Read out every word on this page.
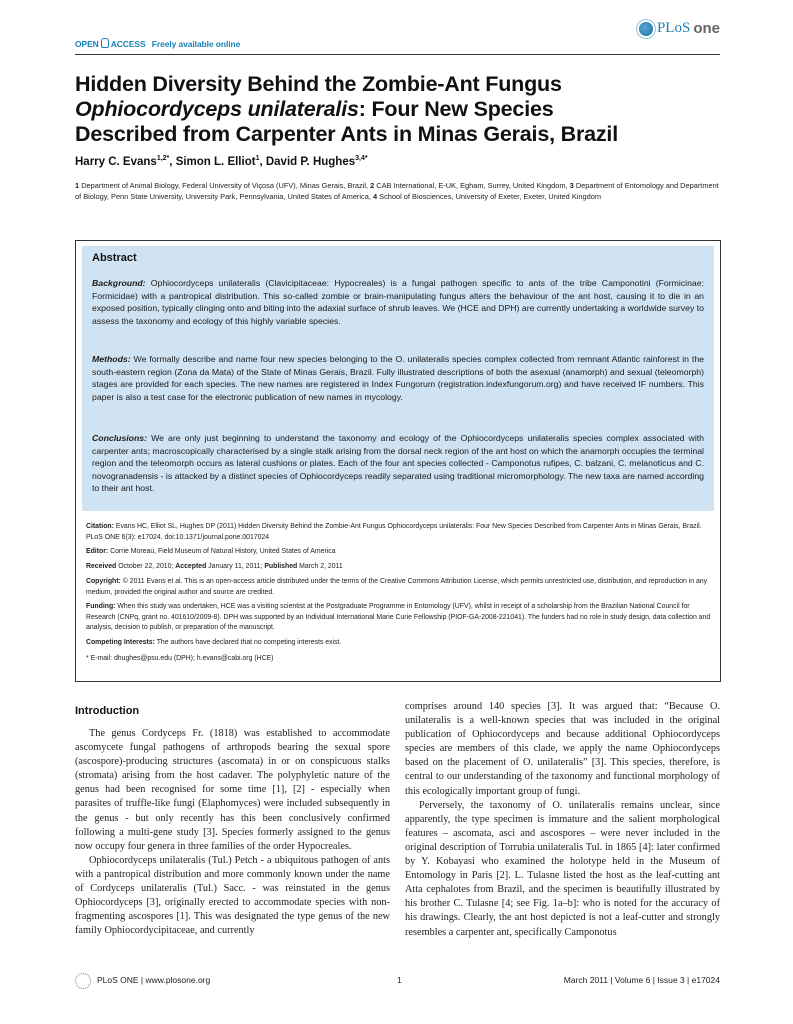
OPEN ACCESS Freely available online
PLoS one
Hidden Diversity Behind the Zombie-Ant Fungus
Ophiocordyceps unilateralis: Four New Species
Described from Carpenter Ants in Minas Gerais, Brazil
Harry C. Evans$^{1,2*}$, Simon L. Elliot$^1$, David P. Hughes$^{3,4*}$
1 Department of Animal Biology, Federal University of Viçosa (UFV), Minas Gerais, Brazil, 2 CAB International, E-UK, Egham, Surrey, United Kingdom, 3 Department of Entomology and Department of Biology, Penn State University, University Park, Pennsylvania, United States of America, 4 School of Biosciences, University of Exeter, Exeter, United Kingdom
Abstract

Background: Ophiocordyceps unilateralis (Clavicipitaceae: Hypocreales) is a fungal pathogen specific to ants of the tribe Camponotini (Formicinae: Formicidae) with a pantropical distribution. This so-called zombie or brain-manipulating fungus alters the behaviour of the ant host, causing it to die in an exposed position, typically clinging onto and biting into the adaxial surface of shrub leaves. We (HCE and DPH) are currently undertaking a worldwide survey to assess the taxonomy and ecology of this highly variable species.

Methods: We formally describe and name four new species belonging to the O. unilateralis species complex collected from remnant Atlantic rainforest in the south-eastern region (Zona da Mata) of the State of Minas Gerais, Brazil. Fully illustrated descriptions of both the asexual (anamorph) and sexual (teleomorph) stages are provided for each species. The new names are registered in Index Fungorum (registration.indexfungorum.org) and have received IF numbers. This paper is also a test case for the electronic publication of new names in mycology.

Conclusions: We are only just beginning to understand the taxonomy and ecology of the Ophiocordyceps unilateralis species complex associated with carpenter ants; macroscopically characterised by a single stalk arising from the dorsal neck region of the ant host on which the anamorph occupies the terminal region and the teleomorph occurs as lateral cushions or plates. Each of the four ant species collected - Camponotus rufipes, C. balzani, C. melanoticus and C. novogranadensis - is attacked by a distinct species of Ophiocordyceps readily separated using traditional micromorphology. The new taxa are named according to their ant host.

Citation: Evans HC, Elliot SL, Hughes DP (2011) Hidden Diversity Behind the Zombie-Ant Fungus Ophiocordyceps unilateralis: Four New Species Described from Carpenter Ants in Minas Gerais, Brazil. PLoS ONE 6(3): e17024. doi:10.1371/journal.pone.0017024

Editor: Corrie Moreau, Field Museum of Natural History, United States of America

Received October 22, 2010; Accepted January 11, 2011; Published March 2, 2011

Copyright: © 2011 Evans et al. This is an open-access article distributed under the terms of the Creative Commons Attribution License, which permits unrestricted use, distribution, and reproduction in any medium, provided the original author and source are credited.

Funding: When this study was undertaken, HCE was a visiting scientist at the Postgraduate Programme in Entomology (UFV), whilst in receipt of a scholarship from the Brazilian National Council for Research (CNPq, grant no. 401610/2009-8). DPH was supported by an Individual International Marie Curie Fellowship (PIOF-GA-2008-221041). The funders had no role in study design, data collection and analysis, decision to publish, or preparation of the manuscript.

Competing Interests: The authors have declared that no competing interests exist.

* E-mail: dhughes@psu.edu (DPH); h.evans@cabi.org (HCE)

Introduction

The genus Cordyceps Fr. (1818) was established to accommodate ascomycete fungal pathogens of arthropods bearing the sexual spore (ascospore)-producing structures (ascomata) in or on conspicuous stalks (stromata) arising from the host cadaver. The polyphyletic nature of the genus had been recognised for some time [1], [2] - especially when parasites of truffle-like fungi (Elaphomyces) were included subsequently in the genus - but only recently has this been conclusively confirmed following a multi-gene study [3]. Species formerly assigned to the genus now occupy four genera in three families of the order Hypocreales.

Ophiocordyceps unilateralis (Tul.) Petch - a ubiquitous pathogen of ants with a pantropical distribution and more commonly known under the name of Cordyceps unilateralis (Tul.) Sacc. - was reinstated in the genus Ophiocordyceps [3], originally erected to accommodate species with non-fragmenting ascospores [1]. This was designated the type genus of the new family Ophiocordycipitaceae, and currently

comprises around 140 species [3]. It was argued that: “Because O. unilateralis is a well-known species that was included in the original publication of Ophiocordyceps and because additional Ophiocordyceps species are members of this clade, we apply the name Ophiocordyceps based on the placement of O. unilateralis” [3]. This species, therefore, is central to our understanding of the taxonomy and functional morphology of this ecologically important group of fungi.

Perversely, the taxonomy of O. unilateralis remains unclear, since apparently, the type specimen is immature and the salient morphological features – ascomata, asci and ascospores – were never included in the original description of Torrubia unilateralis Tul. in 1865 [4]: later confirmed by Y. Kobayasi who examined the holotype held in the Museum of Entomology in Paris [2]. L. Tulasne listed the host as the leaf-cutting ant Atta cephalotes from Brazil, and the specimen is beautifully illustrated by his brother C. Tulasne [4; see Fig. 1a–b]: who is noted for the accuracy of his drawings. Clearly, the ant host depicted is not a leaf-cutter and strongly resembles a carpenter ant, specifically Camponotus

PLoS ONE | www.plosone.org	1	March 2011 | Volume 6 | Issue 3 | e17024
